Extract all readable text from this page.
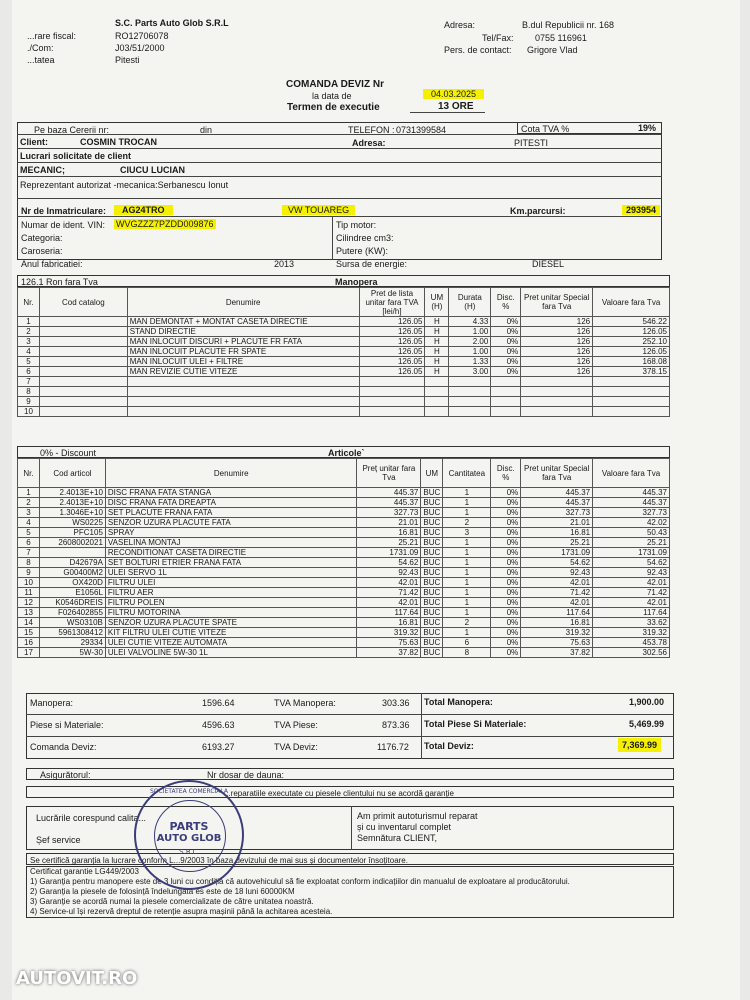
S.C. Parts Auto Glob S.R.L
...rare fiscal:	RO12706078
./Com:	J03/51/2000
...tatea	Pitesti
Adresa:	B.dul Republicii nr. 168
Tel/Fax: 0755 116961
Pers. de contact: Grigore Vlad
COMANDA DEVIZ Nr
la data de	04.03.2025
Termen de executie	13 ORE
Pe baza Cererii nr:	din	TELEFON : 0731399584	Cota TVA %	19%
Client:	COSMIN TROCAN	Adresa:	PITESTI
Lucrari solicitate de client
MECANIC;	CIUCU LUCIAN
Reprezentant autorizat -mecanica:Serbanescu Ionut
Nr de Inmatriculare:	AG24TRO	VW TOUAREG	Km.parcursi:	293954
Numar de ident. VIN: WVGZZZ7PZDD009876	Tip motor:
Categoria:	Cilindree cm3:
Caroseria:	Putere (KW):
Anul fabricatiei:	2013	Sursa de energie:	DIESEL
126.1 Ron fara Tva	Manopera
Nr.	Cod catalog	Denumire	Pret de lista unitar fara TVA [lei/h]	UM (H)	Durata (H)	Disc. %	Pret unitar Special fara Tva	Valoare fara Tva
1		MAN DEMONTAT + MONTAT CASETA DIRECTIE	126.05	H	4.33	0%	126	546.22
2		STAND DIRECTIE	126.05	H	1.00	0%	126	126.05
3		MAN INLOCUIT DISCURI + PLACUTE FR FATA	126.05	H	2.00	0%	126	252.10
4		MAN INLOCUIT PLACUTE FR SPATE	126.05	H	1.00	0%	126	126.05
5		MAN INLOCUIT ULEI + FILTRE	126.05	H	1.33	0%	126	168.08
6		MAN REVIZIE CUTIE VITEZE	126.05	H	3.00	0%	126	378.15
7								
8								
9								
10								
0% - Discount	Articole`
Nr.	Cod articol	Denumire	Preț unitar fara Tva	UM	Cantitatea	Disc. %	Pret unitar Special fara Tva	Valoare fara Tva
1	2.4013E+10	DISC FRANA FATA STANGA	445.37	BUC	1	0%	445.37	445.37
2	2.4013E+10	DISC FRANA FATA DREAPTA	445.37	BUC	1	0%	445.37	445.37
3	1.3046E+10	SET PLACUTE FRANA FATA	327.73	BUC	1	0%	327.73	327.73
4	WS0225	SENZOR UZURA PLACUTE FATA	21.01	BUC	2	0%	21.01	42.02
5	PFC105	SPRAY	16.81	BUC	3	0%	16.81	50.43
6	2608002021	VASELINA MONTAJ	25.21	BUC	1	0%	25.21	25.21
7		RECONDITIONAT CASETA DIRECTIE	1731.09	BUC	1	0%	1731.09	1731.09
8	D42679A	SET BOLTURI ETRIER FRANA FATA	54.62	BUC	1	0%	54.62	54.62
9	G00400M2	ULEI SERVO 1L	92.43	BUC	1	0%	92.43	92.43
10	OX420D	FILTRU ULEI	42.01	BUC	1	0%	42.01	42.01
11	E1056L	FILTRU AER	71.42	BUC	1	0%	71.42	71.42
12	K0546DREIS	FILTRU POLEN	42.01	BUC	1	0%	42.01	42.01
13	F026402855	FILTRU MOTORINA	117.64	BUC	1	0%	117.64	117.64
14	WS0310B	SENZOR UZURA PLACUTE SPATE	16.81	BUC	2	0%	16.81	33.62
15	5961308412	KIT FILTRU ULEI CUTIE VITEZE	319.32	BUC	1	0%	319.32	319.32
16	29334	ULEI CUTIE VITEZE AUTOMATA	75.63	BUC	6	0%	75.63	453.78
17	5W-30	ULEI VALVOLINE 5W-30 1L	37.82	BUC	8	0%	37.82	302.56
Manopera:	1596.64	TVA Manopera:	303.36 Total Manopera:	1,900.00
Piese si Materiale:	4596.63	TVA Piese:	873.36 Total Piese Si Materiale:	5,469.99
Comanda Deviz:	6193.27	TVA Deviz:	1176.72 Total Deviz:	7,369.99
Asigurătorul:	Nr dosar de dauna:
...reparatiile executate cu piesele clientului nu se acordă garanție
Lucrările corespund calita...
Șef service
Am primit autoturismul reparat
și cu inventarul complet
Semnătura CLIENT,
Se certifică garanția la lucrare conform L...9/2003 în baza devizului de mai sus și documentelor însoțitoare.
Certificat garantie LG449/2003
1) Garanția pentru manopere este de 3 luni cu condiția că autovehiculul să fie exploatat conform indicațiilor din manualul de exploatare al producătorului.
2) Garanția la piesele de folosință îndelungată es este de 18 luni 60000KM
3) Garanție se acordă numai la piesele comercializate de către unitatea noastră.
4) Service-ul își rezervă dreptul de retenție asupra mașinii până la achitarea acesteia.
SOCIETATEA COMERCIALA
PARTS
AUTO GLOB
S.R.L.
AUTOVIT.RO
